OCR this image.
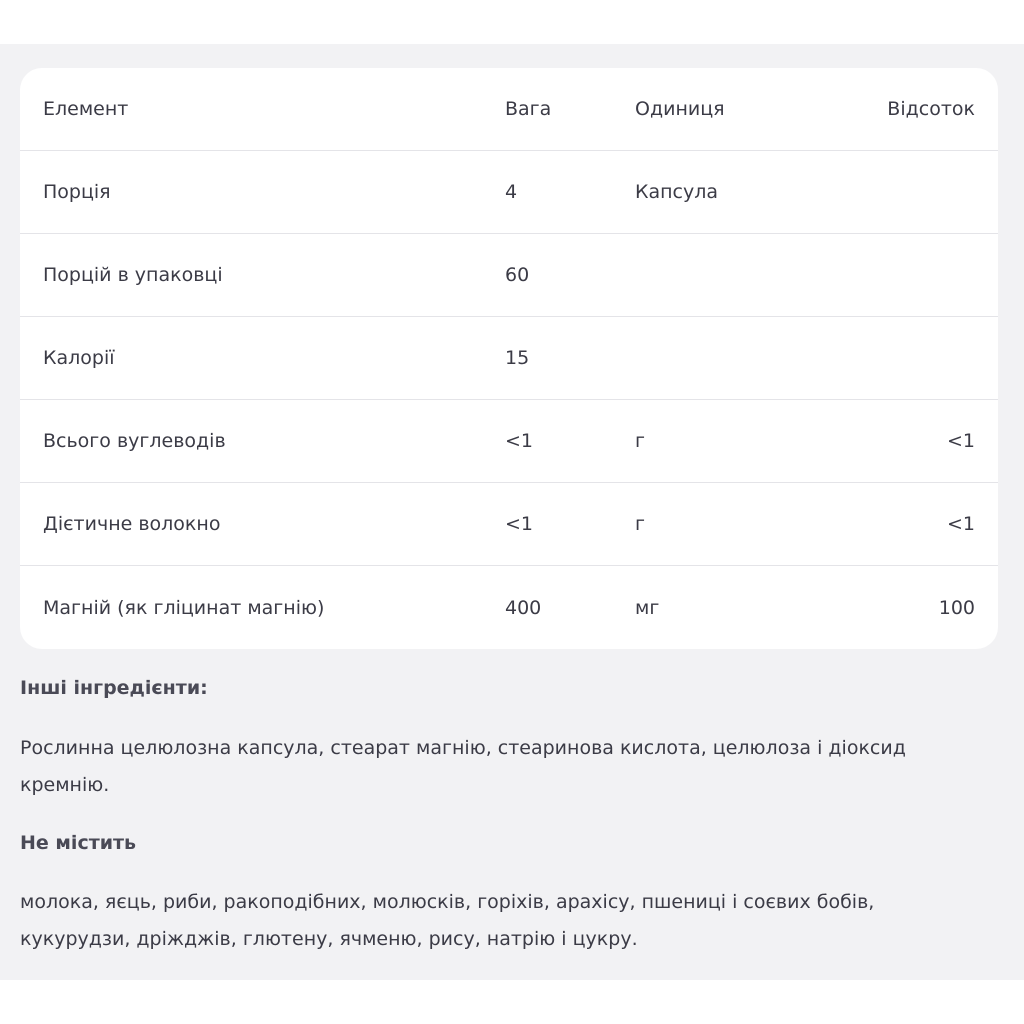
Елемент	Вага	Одиниця	Відсоток
Порція	4	Капсула
Порцій в упаковці	60
Калорії	15
Всього вуглеводів	<1	г	<1
Дієтичне волокно	<1	г	<1
Магній (як гліцинат магнію)	400	мг	100
Інші інгредієнти:
Рослинна целюлозна капсула, стеарат магнію, стеаринова кислота, целюлоза і діоксид кремнію.
Не містить
молока, яєць, риби, ракоподібних, молюсків, горіхів, арахісу, пшениці і соєвих бобів, кукурудзи, дріжджів, глютену, ячменю, рису, натрію і цукру.
